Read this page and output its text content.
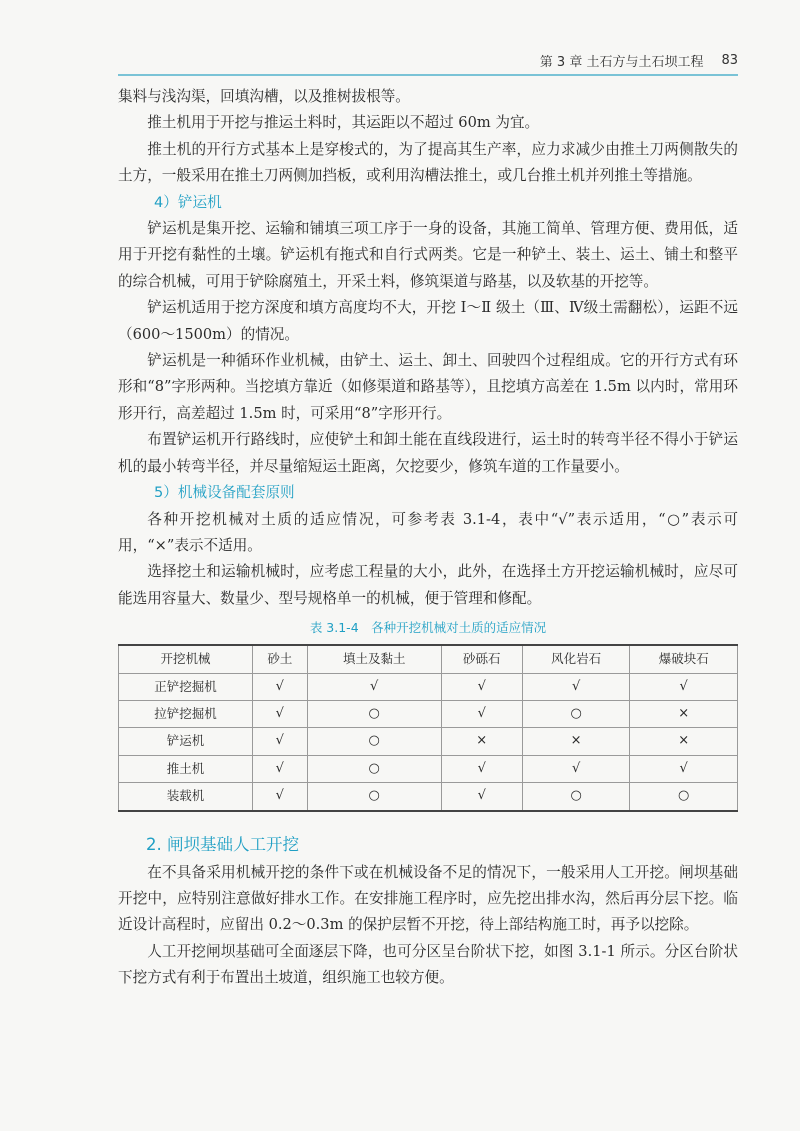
第 3 章 土石方与土石坝工程 83

集料与浅沟渠，回填沟槽，以及推树拔根等。

推土机用于开挖与推运土料时，其运距以不超过 60m 为宜。

推土机的开行方式基本上是穿梭式的，为了提高其生产率，应力求减少由推土刀两侧散失的土方，一般采用在推土刀两侧加挡板，或利用沟槽法推土，或几台推土机并列推土等措施。

4）铲运机

铲运机是集开挖、运输和铺填三项工序于一身的设备，其施工简单、管理方便、费用低，适用于开挖有黏性的土壤。铲运机有拖式和自行式两类。它是一种铲土、装土、运土、铺土和整平的综合机械，可用于铲除腐殖土，开采土料，修筑渠道与路基，以及软基的开挖等。

铲运机适用于挖方深度和填方高度均不大，开挖 Ⅰ～Ⅱ 级土（Ⅲ、Ⅳ级土需翻松），运距不远（600～1500m）的情况。

铲运机是一种循环作业机械，由铲土、运土、卸土、回驶四个过程组成。它的开行方式有环形和“8”字形两种。当挖填方靠近（如修渠道和路基等），且挖填方高差在 1.5m 以内时，常用环形开行，高差超过 1.5m 时，可采用“8”字形开行。

布置铲运机开行路线时，应使铲土和卸土能在直线段进行，运土时的转弯半径不得小于铲运机的最小转弯半径，并尽量缩短运土距离，欠挖要少，修筑车道的工作量要小。

5）机械设备配套原则

各种开挖机械对土质的适应情况，可参考表 3.1-4，表中“√”表示适用，“○”表示可用，“×”表示不适用。

选择挖土和运输机械时，应考虑工程量的大小，此外，在选择土方开挖运输机械时，应尽可能选用容量大、数量少、型号规格单一的机械，便于管理和修配。

表 3.1-4　各种开挖机械对土质的适应情况
开挖机械	砂土	填土及黏土	砂砾石	风化岩石	爆破块石
正铲挖掘机	√	√	√	√	√
拉铲挖掘机	√	○	√	○	×
铲运机	√	○	×	×	×
推土机	√	○	√	√	√
装载机	√	○	√	○	○
2. 闸坝基础人工开挖

在不具备采用机械开挖的条件下或在机械设备不足的情况下，一般采用人工开挖。闸坝基础开挖中，应特别注意做好排水工作。在安排施工程序时，应先挖出排水沟，然后再分层下挖。临近设计高程时，应留出 0.2～0.3m 的保护层暂不开挖，待上部结构施工时，再予以挖除。

人工开挖闸坝基础可全面逐层下降，也可分区呈台阶状下挖，如图 3.1-1 所示。分区台阶状下挖方式有利于布置出土坡道，组织施工也较方便。
